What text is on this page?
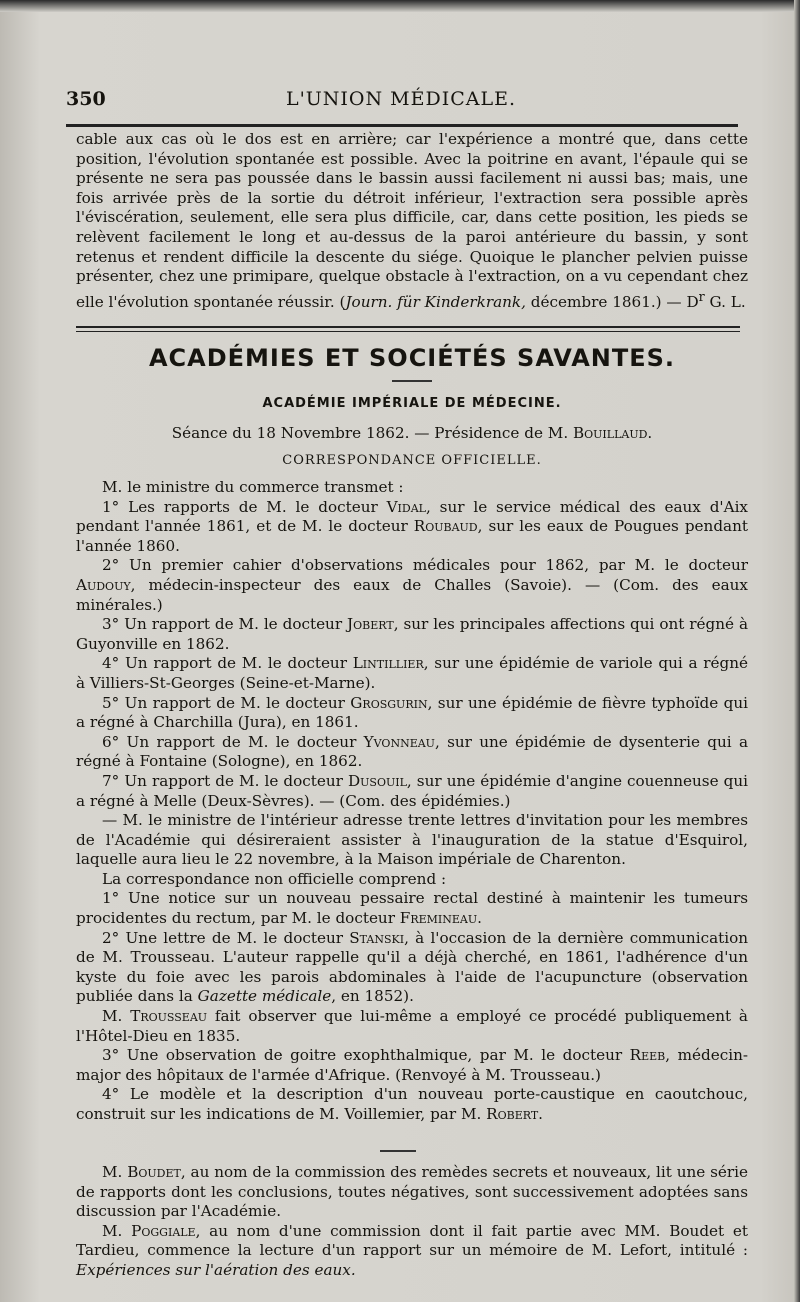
350	L'UNION MÉDICALE.

cable aux cas où le dos est en arrière; car l'expérience a montré que, dans cette position, l'évolution spontanée est possible. Avec la poitrine en avant, l'épaule qui se présente ne sera pas poussée dans le bassin aussi facilement ni aussi bas; mais, une fois arrivée près de la sortie du détroit inférieur, l'extraction sera possible après l'éviscération, seulement, elle sera plus difficile, car, dans cette position, les pieds se relèvent facilement le long et au-dessus de la paroi antérieure du bassin, y sont retenus et rendent difficile la descente du siége. Quoique le plancher pelvien puisse présenter, chez une primipare, quelque obstacle à l'extraction, on a vu cependant chez elle l'évolution spontanée réussir. (Journ. für Kinderkrank, décembre 1861.) — $D^r$ G. L.

ACADÉMIES ET SOCIÉTÉS SAVANTES.
ACADÉMIE IMPÉRIALE DE MÉDECINE.
Séance du 18 Novembre 1862. — Présidence de M. Bouillaud.
CORRESPONDANCE OFFICIELLE.

M. le ministre du commerce transmet :

1° Les rapports de M. le docteur Vidal, sur le service médical des eaux d'Aix pendant l'année 1861, et de M. le docteur Roubaud, sur les eaux de Pougues pendant l'année 1860.

2° Un premier cahier d'observations médicales pour 1862, par M. le docteur Audouy, médecin-inspecteur des eaux de Challes (Savoie). — (Com. des eaux minérales.)

3° Un rapport de M. le docteur Jobert, sur les principales affections qui ont régné à Guyonville en 1862.

4° Un rapport de M. le docteur Lintillier, sur une épidémie de variole qui a régné à Villiers-St-Georges (Seine-et-Marne).

5° Un rapport de M. le docteur Grosgurin, sur une épidémie de fièvre typhoïde qui a régné à Charchilla (Jura), en 1861.

6° Un rapport de M. le docteur Yvonneau, sur une épidémie de dysenterie qui a régné à Fontaine (Sologne), en 1862.

7° Un rapport de M. le docteur Dusouil, sur une épidémie d'angine couenneuse qui a régné à Melle (Deux-Sèvres). — (Com. des épidémies.)

— M. le ministre de l'intérieur adresse trente lettres d'invitation pour les membres de l'Académie qui désireraient assister à l'inauguration de la statue d'Esquirol, laquelle aura lieu le 22 novembre, à la Maison impériale de Charenton.

La correspondance non officielle comprend :

1° Une notice sur un nouveau pessaire rectal destiné à maintenir les tumeurs procidentes du rectum, par M. le docteur Fremineau.

2° Une lettre de M. le docteur Stanski, à l'occasion de la dernière communication de M. Trousseau. L'auteur rappelle qu'il a déjà cherché, en 1861, l'adhérence d'un kyste du foie avec les parois abdominales à l'aide de l'acupuncture (observation publiée dans la Gazette médicale, en 1852).

M. Trousseau fait observer que lui-même a employé ce procédé publiquement à l'Hôtel-Dieu en 1835.

3° Une observation de goitre exophthalmique, par M. le docteur Reeb, médecin-major des hôpitaux de l'armée d'Afrique. (Renvoyé à M. Trousseau.)

4° Le modèle et la description d'un nouveau porte-caustique en caoutchouc, construit sur les indications de M. Voillemier, par M. Robert.

M. Boudet, au nom de la commission des remèdes secrets et nouveaux, lit une série de rapports dont les conclusions, toutes négatives, sont successivement adoptées sans discussion par l'Académie.

M. Poggiale, au nom d'une commission dont il fait partie avec MM. Boudet et Tardieu, commence la lecture d'un rapport sur un mémoire de M. Lefort, intitulé : Expériences sur l'aération des eaux.
